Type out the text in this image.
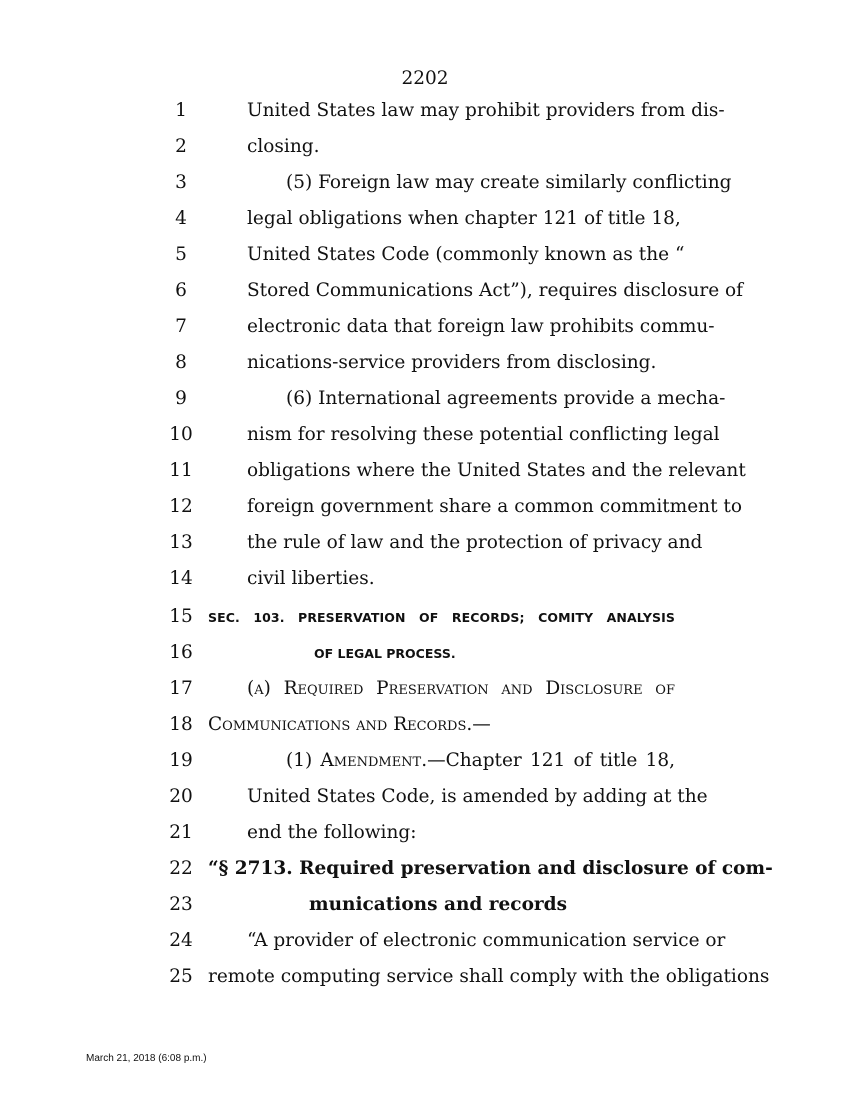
2202
1	United States law may prohibit providers from dis-
2	closing.
3	(5) Foreign law may create similarly conflicting
4	legal obligations when chapter 121 of title 18,
5	United States Code (commonly known as the “
6	Stored Communications Act”), requires disclosure of
7	electronic data that foreign law prohibits commu-
8	nications-service providers from disclosing.
9	(6) International agreements provide a mecha-
10	nism for resolving these potential conflicting legal
11	obligations where the United States and the relevant
12	foreign government share a common commitment to
13	the rule of law and the protection of privacy and
14	civil liberties.
15 SEC. 103. PRESERVATION OF RECORDS; COMITY ANALYSIS
16	OF LEGAL PROCESS.
17	(a) Required Preservation and Disclosure of
18 Communications and Records.—
19	(1) Amendment.—Chapter 121 of title 18,
20	United States Code, is amended by adding at the
21	end the following:
22 “§ 2713. Required preservation and disclosure of com-
23	munications and records
24	“A provider of electronic communication service or
25 remote computing service shall comply with the obligations
March 21, 2018 (6:08 p.m.)
